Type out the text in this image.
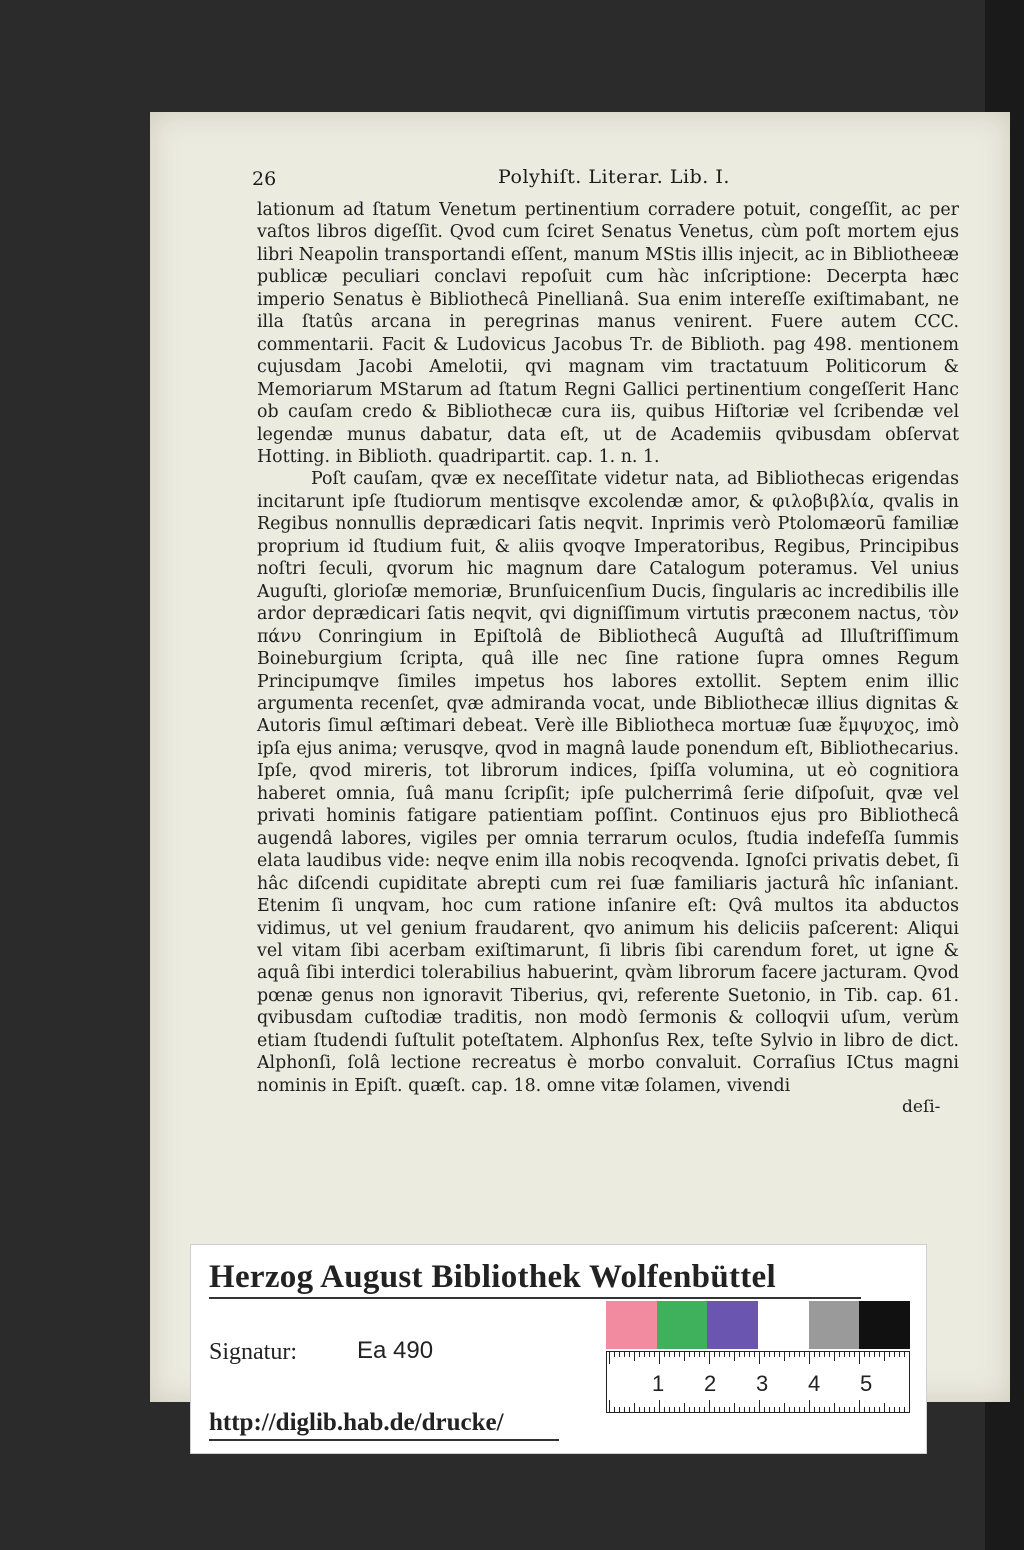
26	Polyhiſt. Literar. Lib. I.

lationum ad ſtatum Venetum pertinentium corradere potuit, congeſſit, ac per vaſtos libros digeſſit. Qvod cum ſciret Senatus Venetus, cùm poſt mortem ejus libri Neapolin transportandi eſſent, manum MStis illis injecit, ac in Bibliotheeæ publicæ peculiari conclavi repoſuit cum hàc inſcriptione: Decerpta hæc imperio Senatus è Bibliothecâ Pinellianâ. Sua enim intereſſe exiſtimabant, ne illa ſtatûs arcana in peregrinas manus venirent. Fuere autem CCC. commentarii. Facit & Ludovicus Jacobus Tr. de Biblioth. pag 498. mentionem cujusdam Jacobi Amelotii, qvi magnam vim tractatuum Politicorum & Memoriarum MStarum ad ſtatum Regni Gallici pertinentium congeſſerit Hanc ob cauſam credo & Bibliothecæ cura iis, quibus Hiſtoriæ vel ſcribendæ vel legendæ munus dabatur, data eſt, ut de Academiis qvibusdam obſervat Hotting. in Biblioth. quadripartit. cap. 1. n. 1.

Poſt cauſam, qvæ ex neceſſitate videtur nata, ad Bibliothecas erigendas incitarunt ipſe ſtudiorum mentisqve excolendæ amor, & φιλοβιβλία, qvalis in Regibus nonnullis deprædicari ſatis neqvit. Inprimis verò Ptolomæorū familiæ proprium id ſtudium fuit, & aliis qvoqve Imperatoribus, Regibus, Principibus noſtri ſeculi, qvorum hic magnum dare Catalogum poteramus. Vel unius Auguſti, glorioſæ memoriæ, Brunſuicenſium Ducis, ſingularis ac incredibilis ille ardor deprædicari ſatis neqvit, qvi digniſſimum virtutis præconem nactus, τὸν πάνυ Conringium in Epiſtolâ de Bibliothecâ Auguſtâ ad Illuſtriſſimum Boineburgium ſcripta, quâ ille nec ſine ratione ſupra omnes Regum Principumqve ſimiles impetus hos labores extollit. Septem enim illic argumenta recenſet, qvæ admiranda vocat, unde Bibliothecæ illius dignitas & Autoris ſimul æſtimari debeat. Verè ille Bibliotheca mortuæ ſuæ ἔμψυχος, imò ipſa ejus anima; verusqve, qvod in magnâ laude ponendum eſt, Bibliothecarius. Ipſe, qvod mireris, tot librorum indices, ſpiſſa volumina, ut eò cognitiora haberet omnia, ſuâ manu ſcripſit; ipſe pulcherrimâ ſerie diſpoſuit, qvæ vel privati hominis fatigare patientiam poſſint. Continuos ejus pro Bibliothecâ augendâ labores, vigiles per omnia terrarum oculos, ſtudia indefeſſa ſummis elata laudibus vide: neqve enim illa nobis recoqvenda. Ignoſci privatis debet, ſi hâc diſcendi cupiditate abrepti cum rei ſuæ familiaris jacturâ hîc inſaniant. Etenim ſi unqvam, hoc cum ratione inſanire eſt: Qvâ multos ita abductos vidimus, ut vel genium fraudarent, qvo animum his deliciis paſcerent: Aliqui vel vitam ſibi acerbam exiſtimarunt, ſi libris ſibi carendum foret, ut igne & aquâ ſibi interdici tolerabilius habuerint, qvàm librorum facere jacturam. Qvod pœnæ genus non ignoravit Tiberius, qvi, referente Suetonio, in Tib. cap. 61. qvibusdam cuſtodiæ traditis, non modò ſermonis & colloqvii uſum, verùm etiam ſtudendi ſuſtulit poteſtatem. Alphonſus Rex, teſte Sylvio in libro de dict. Alphonſi, ſolâ lectione recreatus è morbo convaluit. Corraſius ICtus magni nominis in Epiſt. quæſt. cap. 18. omne vitæ ſolamen, vivendi

deſi-
Herzog August Bibliothek Wolfenbüttel
Signatur:	Ea 490
http://diglib.hab.de/drucke/
1 2 3 4 5
